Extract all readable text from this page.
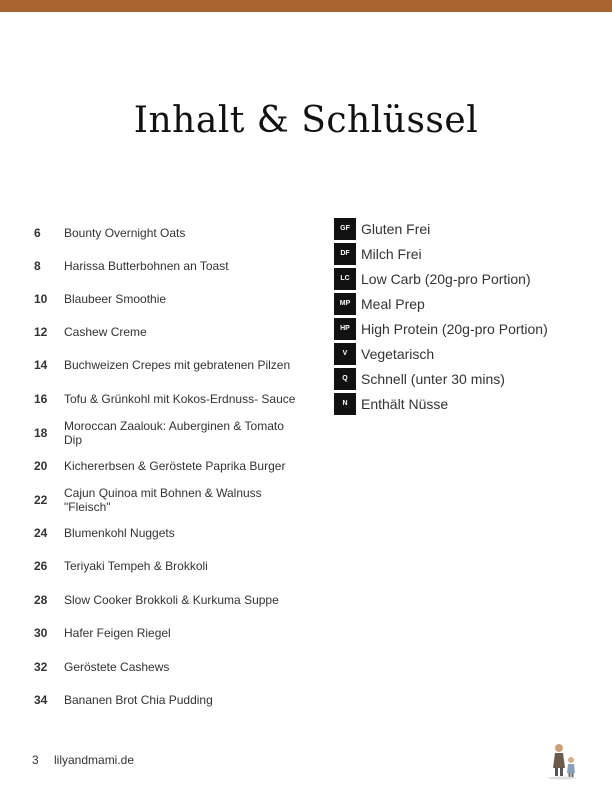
Inhalt & Schlüssel
6 Bounty Overnight Oats
8 Harissa Butterbohnen an Toast
10 Blaubeer Smoothie
12 Cashew Creme
14 Buchweizen Crepes mit gebratenen Pilzen
16 Tofu & Grünkohl mit Kokos-Erdnuss- Sauce
18 Moroccan Zaalouk: Auberginen & Tomato Dip
20 Kichererbsen & Geröstete Paprika Burger
22 Cajun Quinoa mit Bohnen & Walnuss "Fleisch"
24 Blumenkohl Nuggets
26 Teriyaki Tempeh & Brokkoli
28 Slow Cooker Brokkoli & Kurkuma Suppe
30 Hafer Feigen Riegel
32 Geröstete Cashews
34 Bananen Brot Chia Pudding
GF Gluten Frei
DF Milch Frei
LC Low Carb (20g-pro Portion)
MP Meal Prep
HP High Protein (20g-pro Portion)
V Vegetarisch
Q Schnell (unter 30 mins)
N Enthält Nüsse
3 lilyandmami.de
